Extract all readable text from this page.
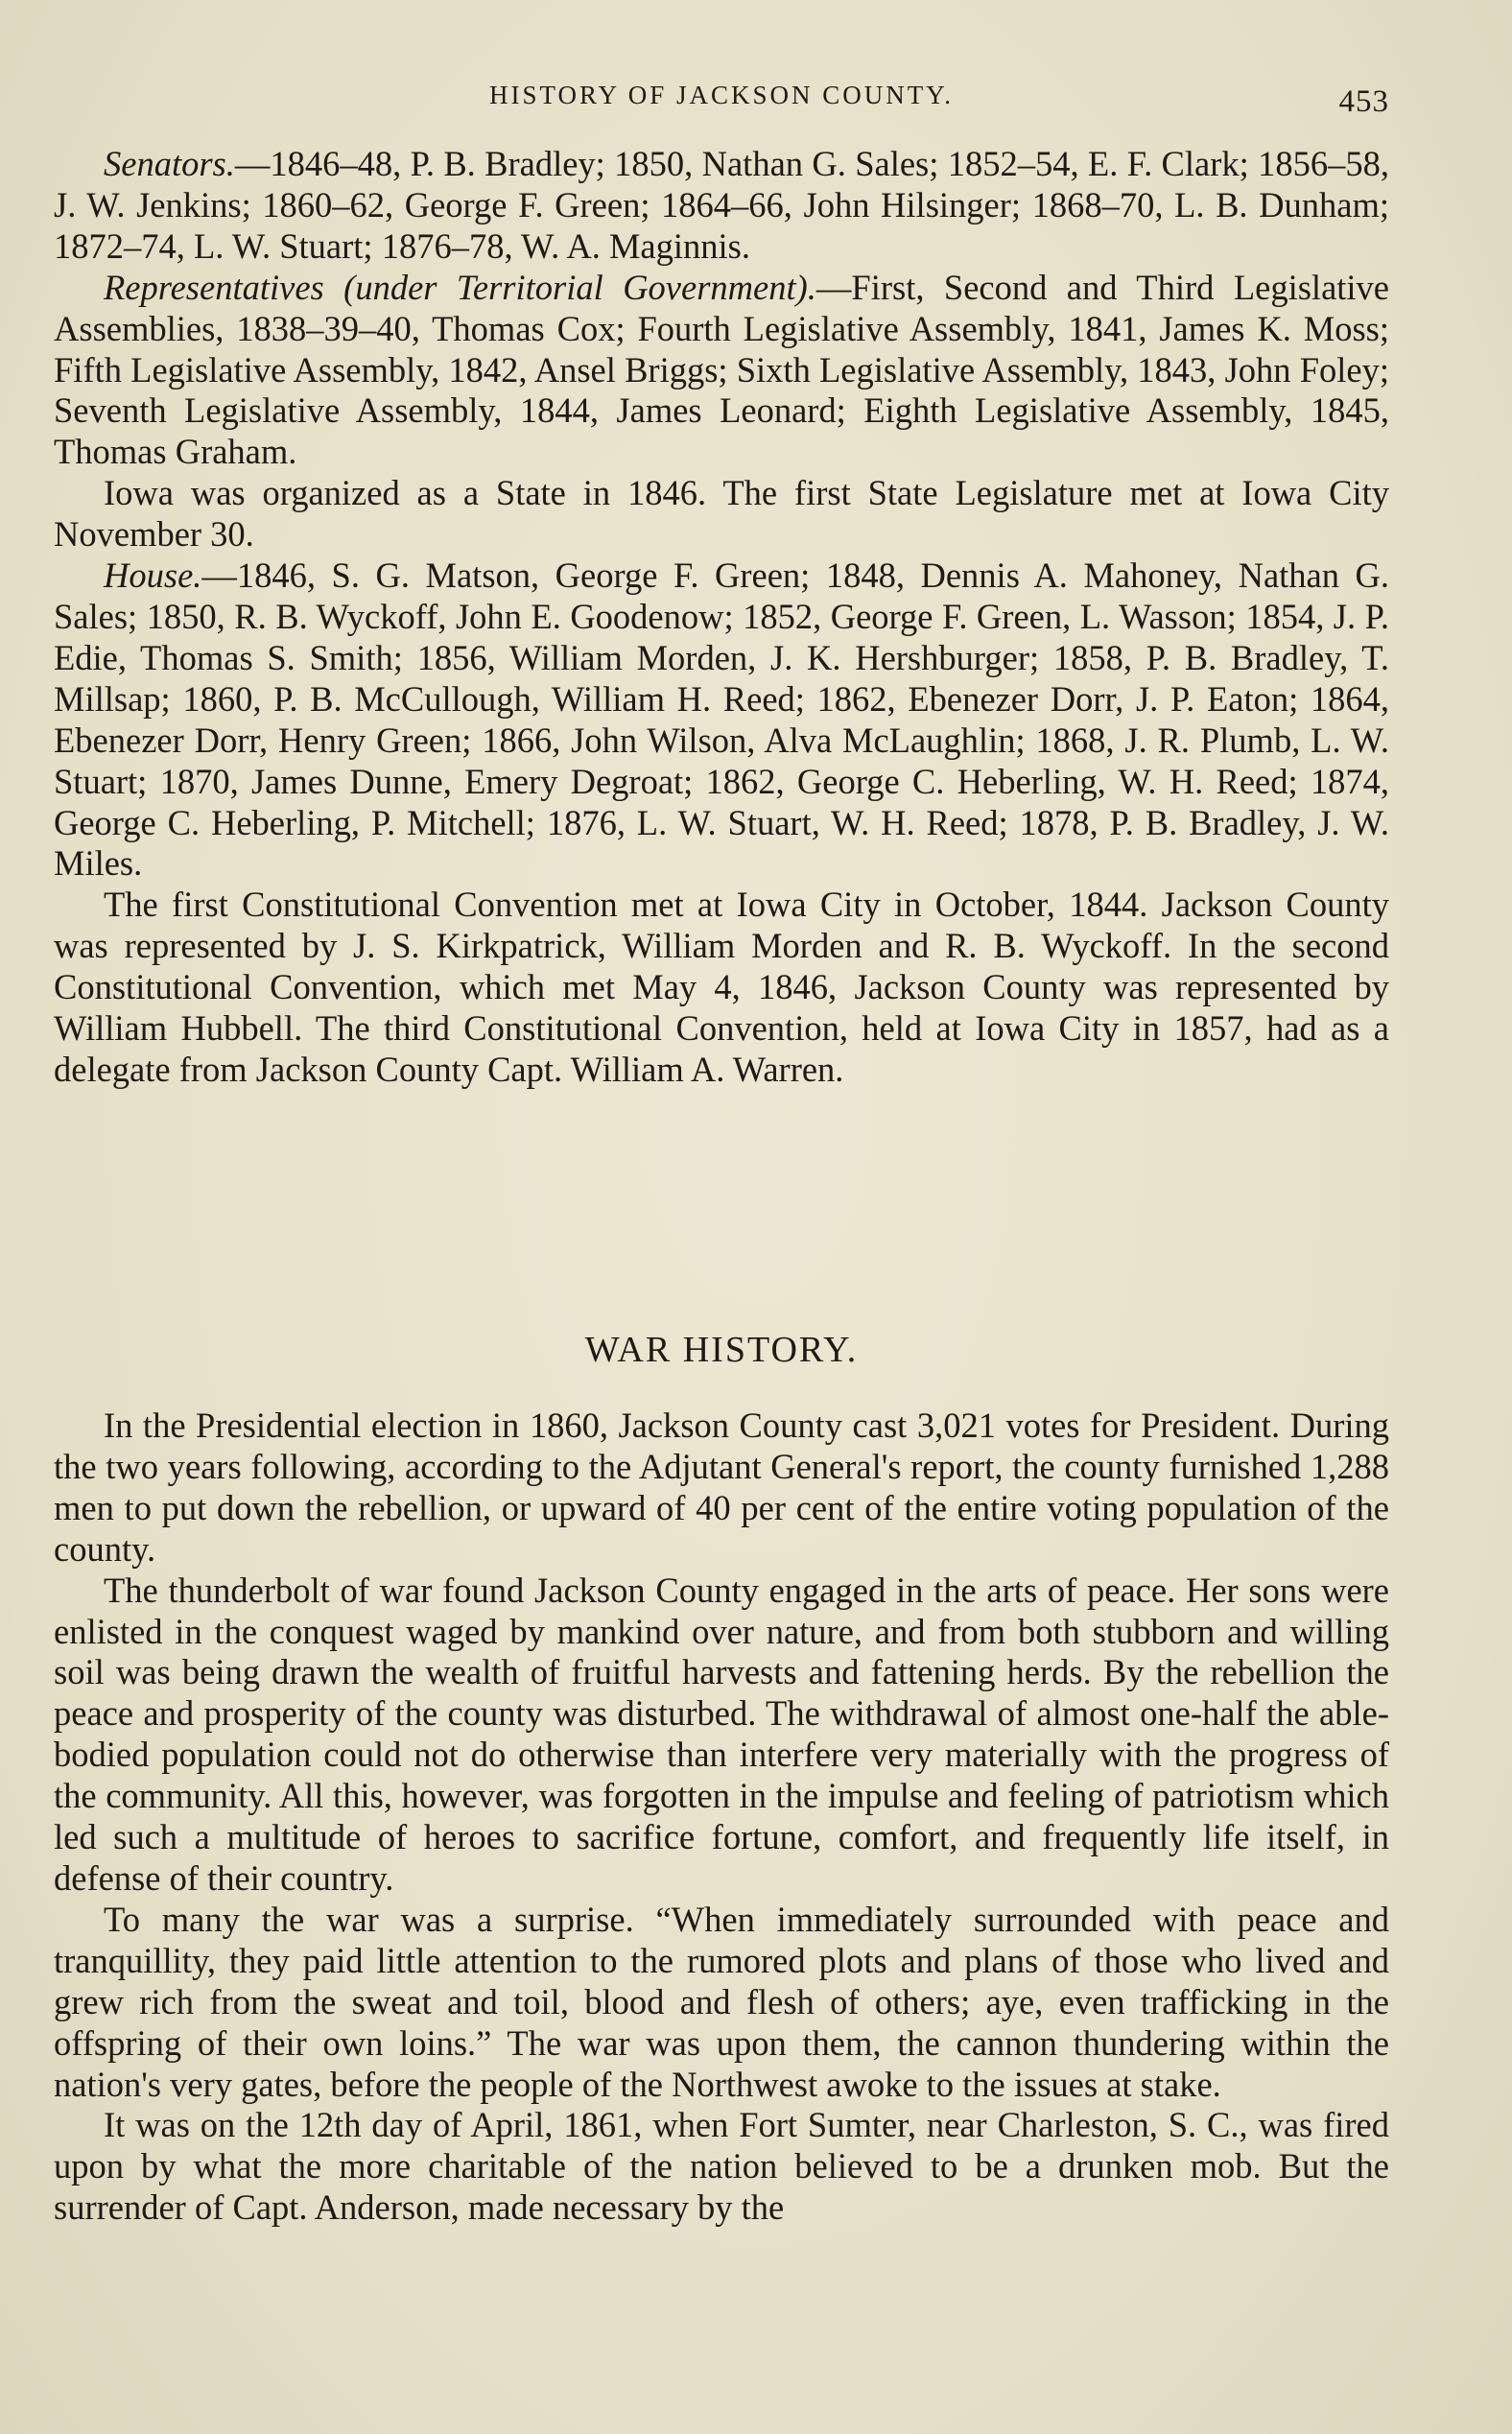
HISTORY OF JACKSON COUNTY.	453

Senators.—1846–48, P. B. Bradley; 1850, Nathan G. Sales; 1852–54, E. F. Clark; 1856–58, J. W. Jenkins; 1860–62, George F. Green; 1864–66, John Hilsinger; 1868–70, L. B. Dunham; 1872–74, L. W. Stuart; 1876–78, W. A. Maginnis.

Representatives (under Territorial Government).—First, Second and Third Legislative Assemblies, 1838–39–40, Thomas Cox; Fourth Legislative Assembly, 1841, James K. Moss; Fifth Legislative Assembly, 1842, Ansel Briggs; Sixth Legislative Assembly, 1843, John Foley; Seventh Legislative Assembly, 1844, James Leonard; Eighth Legislative Assembly, 1845, Thomas Graham.

Iowa was organized as a State in 1846. The first State Legislature met at Iowa City November 30.

House.—1846, S. G. Matson, George F. Green; 1848, Dennis A. Mahoney, Nathan G. Sales; 1850, R. B. Wyckoff, John E. Goodenow; 1852, George F. Green, L. Wasson; 1854, J. P. Edie, Thomas S. Smith; 1856, William Morden, J. K. Hershburger; 1858, P. B. Bradley, T. Millsap; 1860, P. B. McCullough, William H. Reed; 1862, Ebenezer Dorr, J. P. Eaton; 1864, Ebenezer Dorr, Henry Green; 1866, John Wilson, Alva McLaughlin; 1868, J. R. Plumb, L. W. Stuart; 1870, James Dunne, Emery Degroat; 1862, George C. Heberling, W. H. Reed; 1874, George C. Heberling, P. Mitchell; 1876, L. W. Stuart, W. H. Reed; 1878, P. B. Bradley, J. W. Miles.

The first Constitutional Convention met at Iowa City in October, 1844. Jackson County was represented by J. S. Kirkpatrick, William Morden and R. B. Wyckoff. In the second Constitutional Convention, which met May 4, 1846, Jackson County was represented by William Hubbell. The third Constitutional Convention, held at Iowa City in 1857, had as a delegate from Jackson County Capt. William A. Warren.

WAR HISTORY.

In the Presidential election in 1860, Jackson County cast 3,021 votes for President. During the two years following, according to the Adjutant General's report, the county furnished 1,288 men to put down the rebellion, or upward of 40 per cent of the entire voting population of the county.

The thunderbolt of war found Jackson County engaged in the arts of peace. Her sons were enlisted in the conquest waged by mankind over nature, and from both stubborn and willing soil was being drawn the wealth of fruitful harvests and fattening herds. By the rebellion the peace and prosperity of the county was disturbed. The withdrawal of almost one-half the able-bodied population could not do otherwise than interfere very materially with the progress of the community. All this, however, was forgotten in the impulse and feeling of patriotism which led such a multitude of heroes to sacrifice fortune, comfort, and frequently life itself, in defense of their country.

To many the war was a surprise. “When immediately surrounded with peace and tranquillity, they paid little attention to the rumored plots and plans of those who lived and grew rich from the sweat and toil, blood and flesh of others; aye, even trafficking in the offspring of their own loins.” The war was upon them, the cannon thundering within the nation's very gates, before the people of the Northwest awoke to the issues at stake.

It was on the 12th day of April, 1861, when Fort Sumter, near Charleston, S. C., was fired upon by what the more charitable of the nation believed to be a drunken mob. But the surrender of Capt. Anderson, made necessary by the
